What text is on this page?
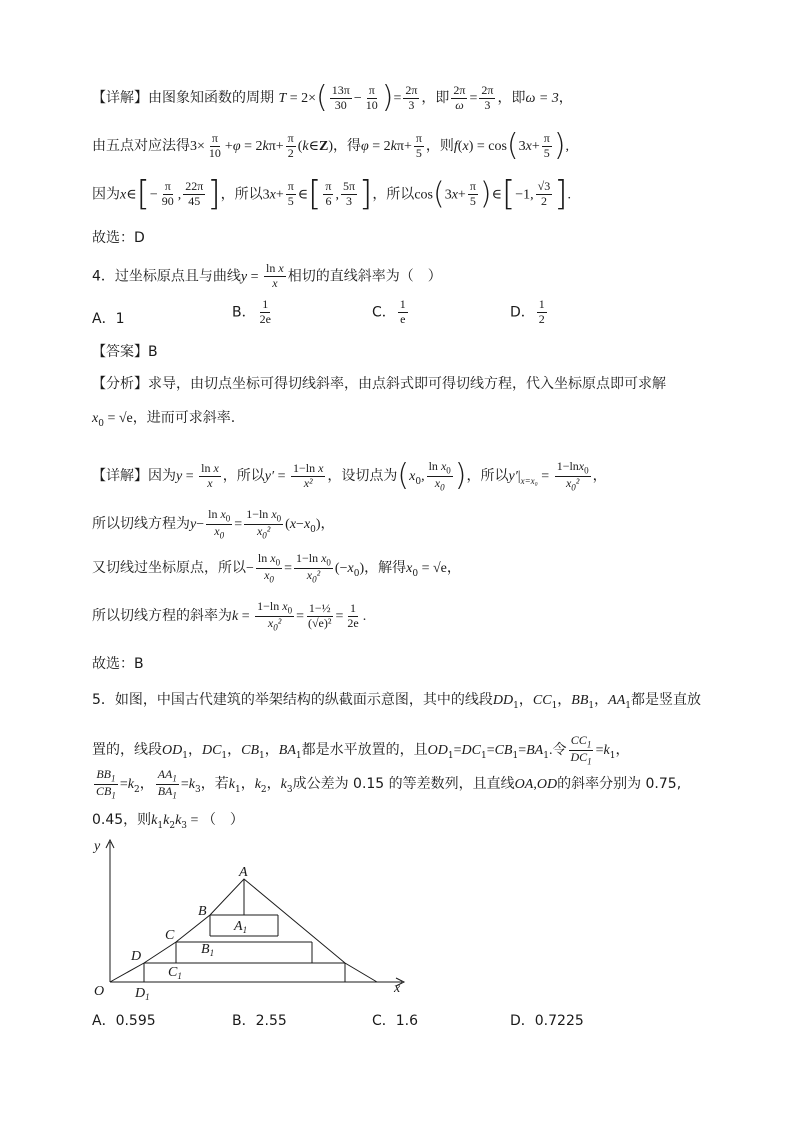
【详解】由图象知函数的周期 $T = 2\times( \frac{13\pi}{30} - \frac{\pi}{10}$ )= $\frac{2\pi}{3}$ ，即 $\frac{2\pi}{\omega} = \frac{2\pi}{3}$ ，即ω = 3，
由五点对应法得$3\times \frac{\pi}{10} +\varphi = 2k\pi+ \frac{\pi}{2}$ (k∈Z)，得$\varphi = 2k\pi+ \frac{\pi}{5}$ ，则$f(x) = \cos(3x+ \frac{\pi}{5}$ ),
因为x∈[− $\frac{\pi}{90}$ , $\frac{22\pi}{45}$ ]，所以$3x+ \frac{\pi}{5}$ ∈[ $\frac{\pi}{6}$ , $\frac{5\pi}{3}$ ]，所以$\cos(3x+ \frac{\pi}{5}$ )∈[−1, $\frac{√3}{2}$ ].
故选：D
4．过坐标原点且与曲线$y = \frac{\text{ln x}}{x}$ 相切的直线斜率为（　）
A．1	B． $\frac{1}{2e}$	C． $\frac{1}{e}$	D． $\frac{1}{2}$
【答案】B
【分析】求导，由切点坐标可得切线斜率，由点斜式即可得切线方程，代入坐标原点即可求解
$x_0 = √e$，进而可求斜率.
【详解】因为$y = \frac{\text{ln x}}{x}$ ，所以$y' = \frac{\text{1−ln x}}{\text{x²}}$ ，设切点为($x_0$, $\frac{\ln x_0}{x_0}$ )，所以$y'|_{x=x_0} = \frac{1-\ln x_0}{x_0^2}$ ，
所以切线方程为$y- \frac{\ln x_0}{x_0} = \frac{1-\ln x_0}{x_0^2} (x-x_0)$，
又切线过坐标原点，所以− $\frac{\ln x_0}{x_0} = \frac{1-\ln x_0}{x_0^2} (-x_0)$，解得$x_0 = √e$，
所以切线方程的斜率为$k = \frac{1-\ln x_0}{x_0^2} = \frac{\text{1−½}}{\text{(√e)²}} = \frac{1}{2e}$ .
故选：B
5．如图，中国古代建筑的举架结构的纵截面示意图，其中的线段$DD_1$，$CC_1$，$BB_1$，$AA_1$都是竖直放
置的，线段$OD_1$，$DC_1$，$CB_1$，$BA_1$都是水平放置的，且$OD_1=DC_1=CB_1=BA_1$.令 $\frac{CC_1}{DC_1} =k_1$，
$\frac{BB_1}{CB_1} =k_2$， $\frac{AA_1}{BA_1} =k_3$，若$k_1$，$k_2$，$k_3$成公差为 0.15 的等差数列，且直线OA,OD的斜率分别为 0.75,
0.45，则$k_1k_2k_3$ = （　）
y
x
O
A
B
C
D
$A_1$
$B_1$
$C_1$
$D_1$
A．0.595	B．2.55	C．1.6	D．0.7225
